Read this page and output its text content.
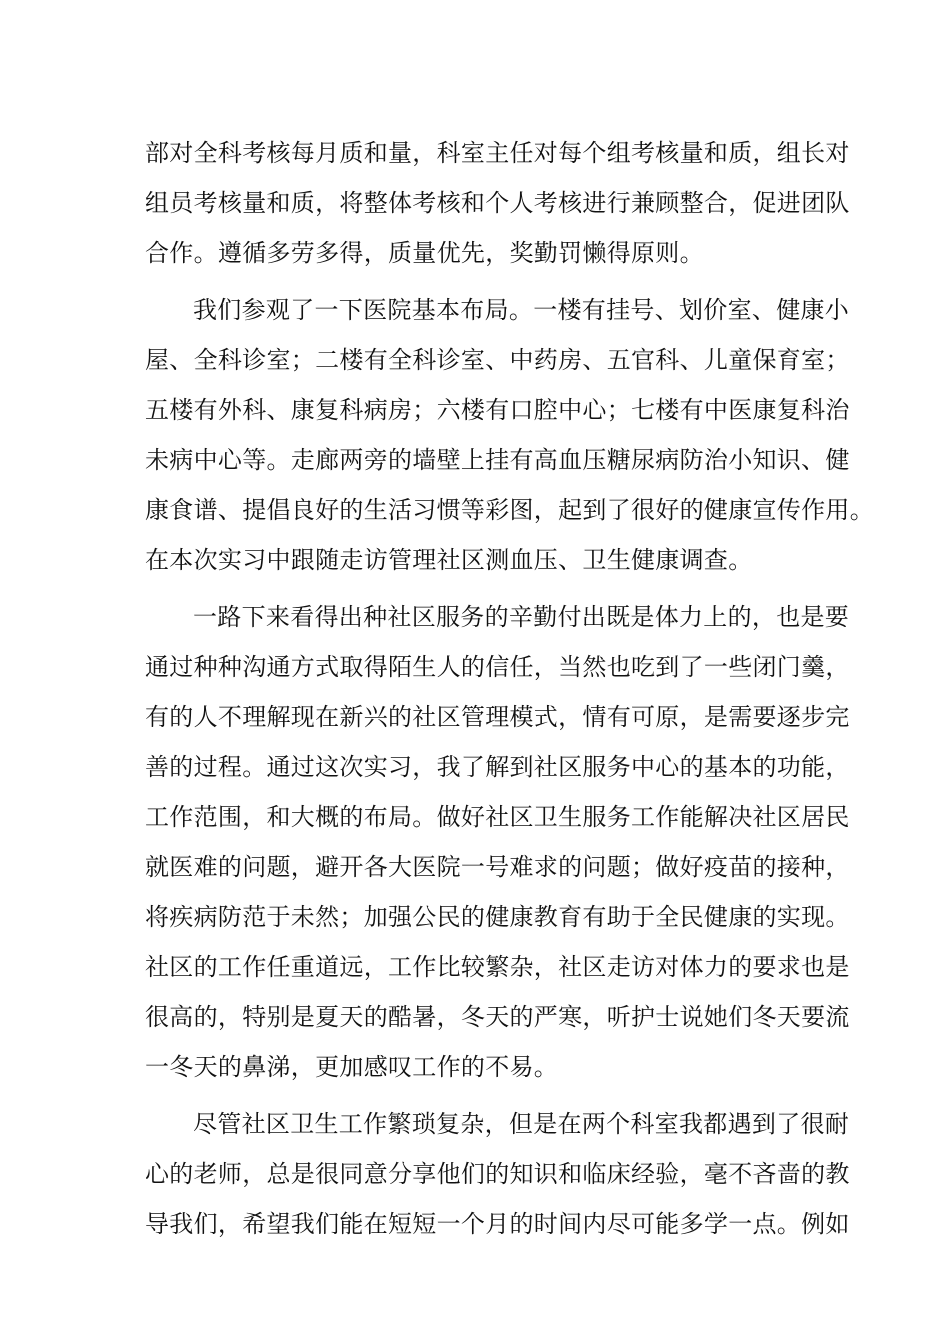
部对全科考核每月质和量，科室主任对每个组考核量和质，组长对
组员考核量和质，将整体考核和个人考核进行兼顾整合，促进团队
合作。遵循多劳多得，质量优先，奖勤罚懒得原则。
我们参观了一下医院基本布局。一楼有挂号、划价室、健康小
屋、全科诊室；二楼有全科诊室、中药房、五官科、儿童保育室；
五楼有外科、康复科病房；六楼有口腔中心；七楼有中医康复科治
未病中心等。走廊两旁的墙壁上挂有高血压糖尿病防治小知识、健
康食谱、提倡良好的生活习惯等彩图，起到了很好的健康宣传作用。
在本次实习中跟随走访管理社区测血压、卫生健康调查。
一路下来看得出种社区服务的辛勤付出既是体力上的，也是要
通过种种沟通方式取得陌生人的信任，当然也吃到了一些闭门羹，
有的人不理解现在新兴的社区管理模式，情有可原，是需要逐步完
善的过程。通过这次实习，我了解到社区服务中心的基本的功能，
工作范围，和大概的布局。做好社区卫生服务工作能解决社区居民
就医难的问题，避开各大医院一号难求的问题；做好疫苗的接种，
将疾病防范于未然；加强公民的健康教育有助于全民健康的实现。
社区的工作任重道远，工作比较繁杂，社区走访对体力的要求也是
很高的，特别是夏天的酷暑，冬天的严寒，听护士说她们冬天要流
一冬天的鼻涕，更加感叹工作的不易。
尽管社区卫生工作繁琐复杂，但是在两个科室我都遇到了很耐
心的老师，总是很同意分享他们的知识和临床经验，毫不吝啬的教
导我们，希望我们能在短短一个月的时间内尽可能多学一点。例如
